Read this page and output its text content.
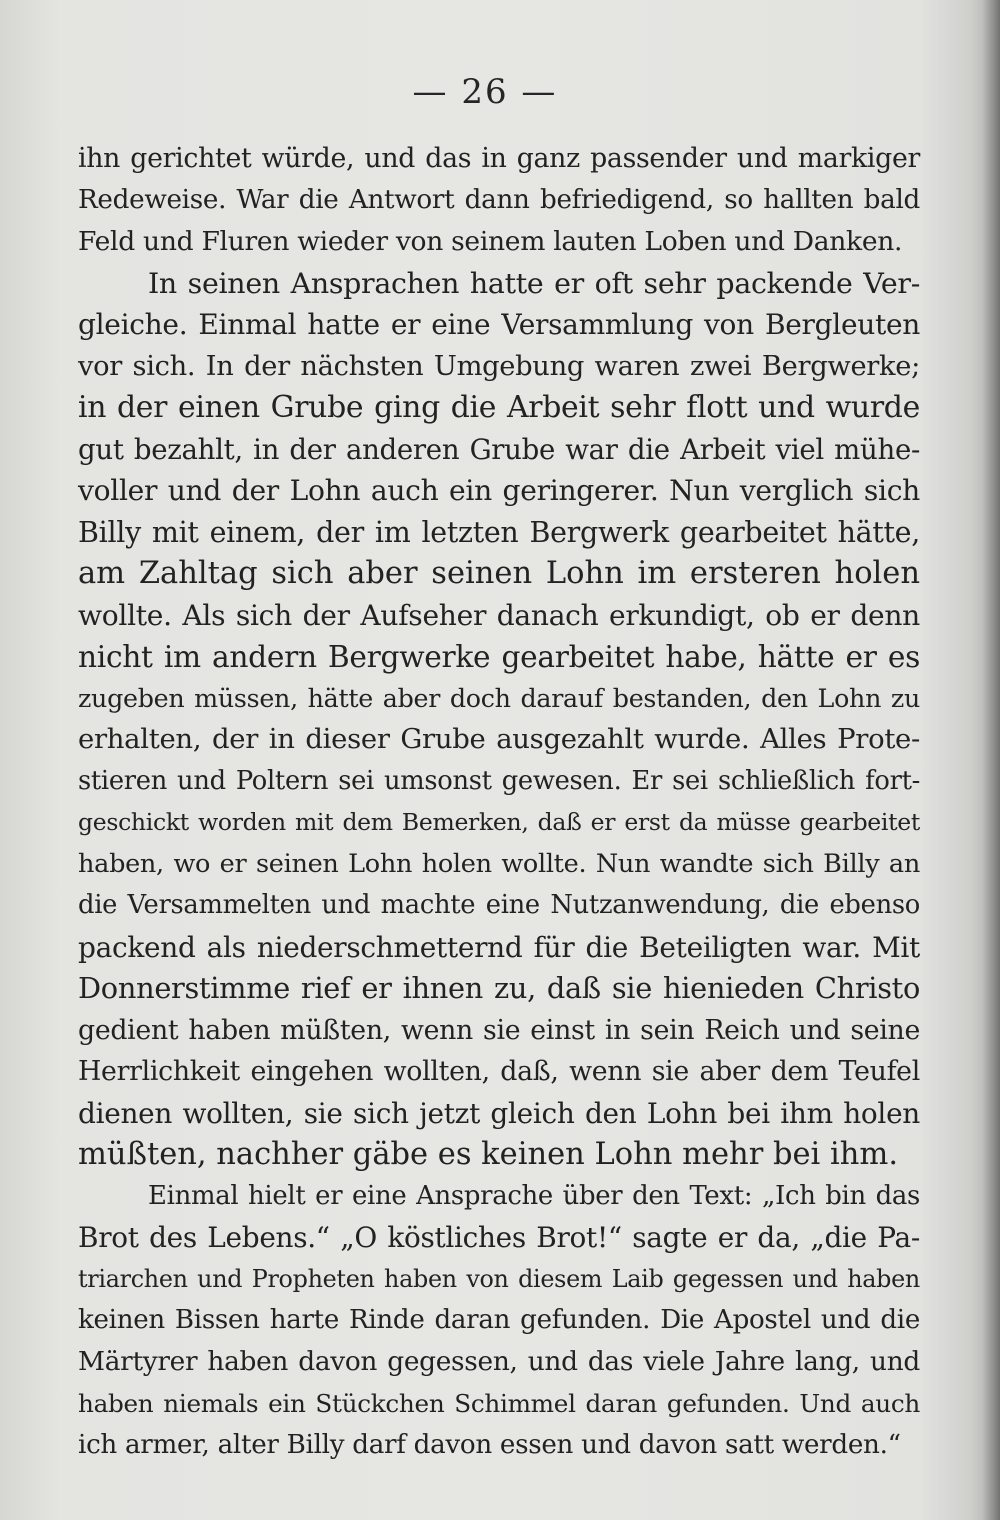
— 26 —
ihn gerichtet würde, und das in ganz passender und markiger
Redeweise. War die Antwort dann befriedigend, so hallten bald
Feld und Fluren wieder von seinem lauten Loben und Danken.
In seinen Ansprachen hatte er oft sehr packende Ver-
gleiche. Einmal hatte er eine Versammlung von Bergleuten
vor sich. In der nächsten Umgebung waren zwei Bergwerke;
in der einen Grube ging die Arbeit sehr flott und wurde
gut bezahlt, in der anderen Grube war die Arbeit viel mühe-
voller und der Lohn auch ein geringerer. Nun verglich sich
Billy mit einem, der im letzten Bergwerk gearbeitet hätte,
am Zahltag sich aber seinen Lohn im ersteren holen
wollte. Als sich der Aufseher danach erkundigt, ob er denn
nicht im andern Bergwerke gearbeitet habe, hätte er es
zugeben müssen, hätte aber doch darauf bestanden, den Lohn zu
erhalten, der in dieser Grube ausgezahlt wurde. Alles Prote-
stieren und Poltern sei umsonst gewesen. Er sei schließlich fort-
geschickt worden mit dem Bemerken, daß er erst da müsse gearbeitet
haben, wo er seinen Lohn holen wollte. Nun wandte sich Billy an
die Versammelten und machte eine Nutzanwendung, die ebenso
packend als niederschmetternd für die Beteiligten war. Mit
Donnerstimme rief er ihnen zu, daß sie hienieden Christo
gedient haben müßten, wenn sie einst in sein Reich und seine
Herrlichkeit eingehen wollten, daß, wenn sie aber dem Teufel
dienen wollten, sie sich jetzt gleich den Lohn bei ihm holen
müßten, nachher gäbe es keinen Lohn mehr bei ihm.
Einmal hielt er eine Ansprache über den Text: „Ich bin das
Brot des Lebens.“ „O köstliches Brot!“ sagte er da, „die Pa-
triarchen und Propheten haben von diesem Laib gegessen und haben
keinen Bissen harte Rinde daran gefunden. Die Apostel und die
Märtyrer haben davon gegessen, und das viele Jahre lang, und
haben niemals ein Stückchen Schimmel daran gefunden. Und auch
ich armer, alter Billy darf davon essen und davon satt werden.“
